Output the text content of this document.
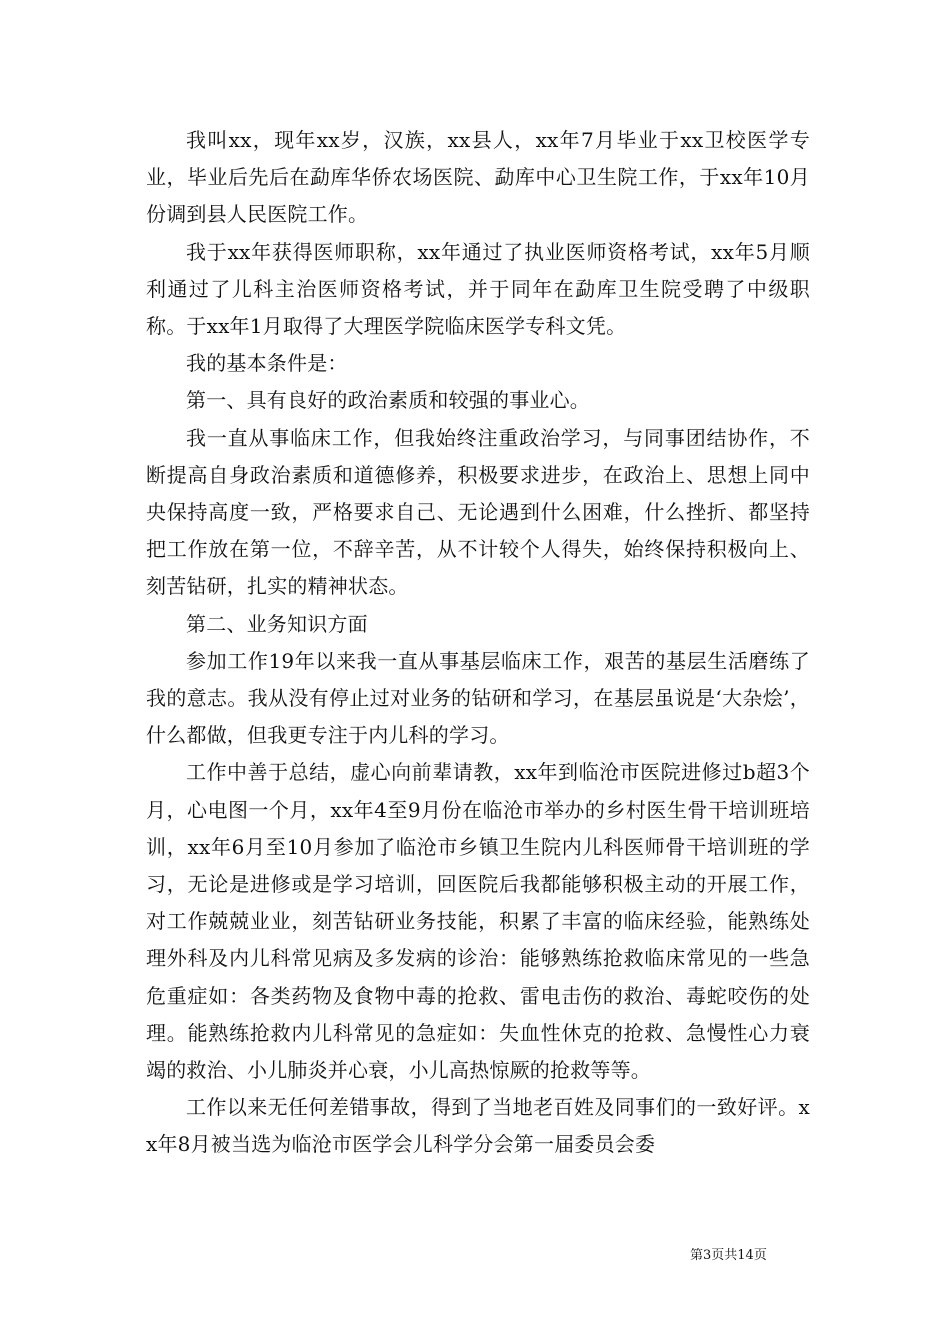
我叫xx，现年xx岁，汉族，xx县人，xx年7月毕业于xx卫校医学专业，毕业后先后在勐库华侨农场医院、勐库中心卫生院工作，于xx年10月份调到县人民医院工作。

我于xx年获得医师职称，xx年通过了执业医师资格考试，xx年5月顺利通过了儿科主治医师资格考试，并于同年在勐库卫生院受聘了中级职称。于xx年1月取得了大理医学院临床医学专科文凭。

我的基本条件是：

第一、具有良好的政治素质和较强的事业心。

我一直从事临床工作，但我始终注重政治学习，与同事团结协作，不断提高自身政治素质和道德修养，积极要求进步，在政治上、思想上同中央保持高度一致，严格要求自己、无论遇到什么困难，什么挫折、都坚持把工作放在第一位，不辞辛苦，从不计较个人得失，始终保持积极向上、刻苦钻研，扎实的精神状态。

第二、业务知识方面

参加工作19年以来我一直从事基层临床工作，艰苦的基层生活磨练了我的意志。我从没有停止过对业务的钻研和学习，在基层虽说是‘大杂烩’，什么都做，但我更专注于内儿科的学习。

工作中善于总结，虚心向前辈请教，xx年到临沧市医院进修过b超3个月，心电图一个月，xx年4至9月份在临沧市举办的乡村医生骨干培训班培训，xx年6月至10月参加了临沧市乡镇卫生院内儿科医师骨干培训班的学习，无论是进修或是学习培训，回医院后我都能够积极主动的开展工作，对工作兢兢业业，刻苦钻研业务技能，积累了丰富的临床经验，能熟练处理外科及内儿科常见病及多发病的诊治：能够熟练抢救临床常见的一些急危重症如：各类药物及食物中毒的抢救、雷电击伤的救治、毒蛇咬伤的处理。能熟练抢救内儿科常见的急症如：失血性休克的抢救、急慢性心力衰竭的救治、小儿肺炎并心衰，小儿高热惊厥的抢救等等。

工作以来无任何差错事故，得到了当地老百姓及同事们的一致好评。xx年8月被当选为临沧市医学会儿科学分会第一届委员会委

第3页共14页
